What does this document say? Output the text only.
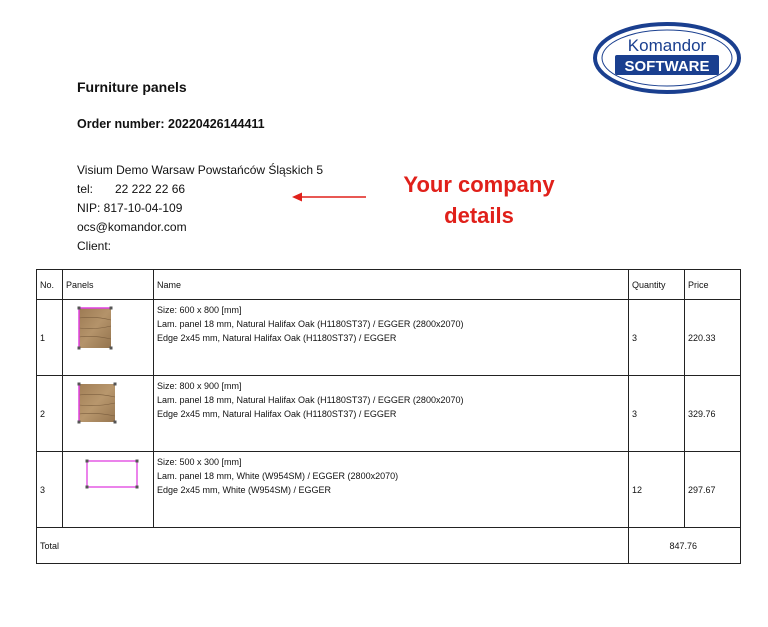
Furniture panels
Order number: 20220426144411
Visium Demo Warsaw Powstańców Śląskich 5
tel: 22 222 22 66
NIP: 817-10-04-109
ocs@komandor.com
Client:
Your company
details
Komandor
SOFTWARE
No.	Panels	Name	Quantity	Price
1		Size: 600 x 800 [mm]
Lam. panel 18 mm, Natural Halifax Oak (H1180ST37) / EGGER (2800x2070)
Edge 2x45 mm, Natural Halifax Oak (H1180ST37) / EGGER	3	220.33
2		Size: 800 x 900 [mm]
Lam. panel 18 mm, Natural Halifax Oak (H1180ST37) / EGGER (2800x2070)
Edge 2x45 mm, Natural Halifax Oak (H1180ST37) / EGGER	3	329.76
3		Size: 500 x 300 [mm]
Lam. panel 18 mm, White (W954SM) / EGGER (2800x2070)
Edge 2x45 mm, White (W954SM) / EGGER	12	297.67
Total			847.76	
